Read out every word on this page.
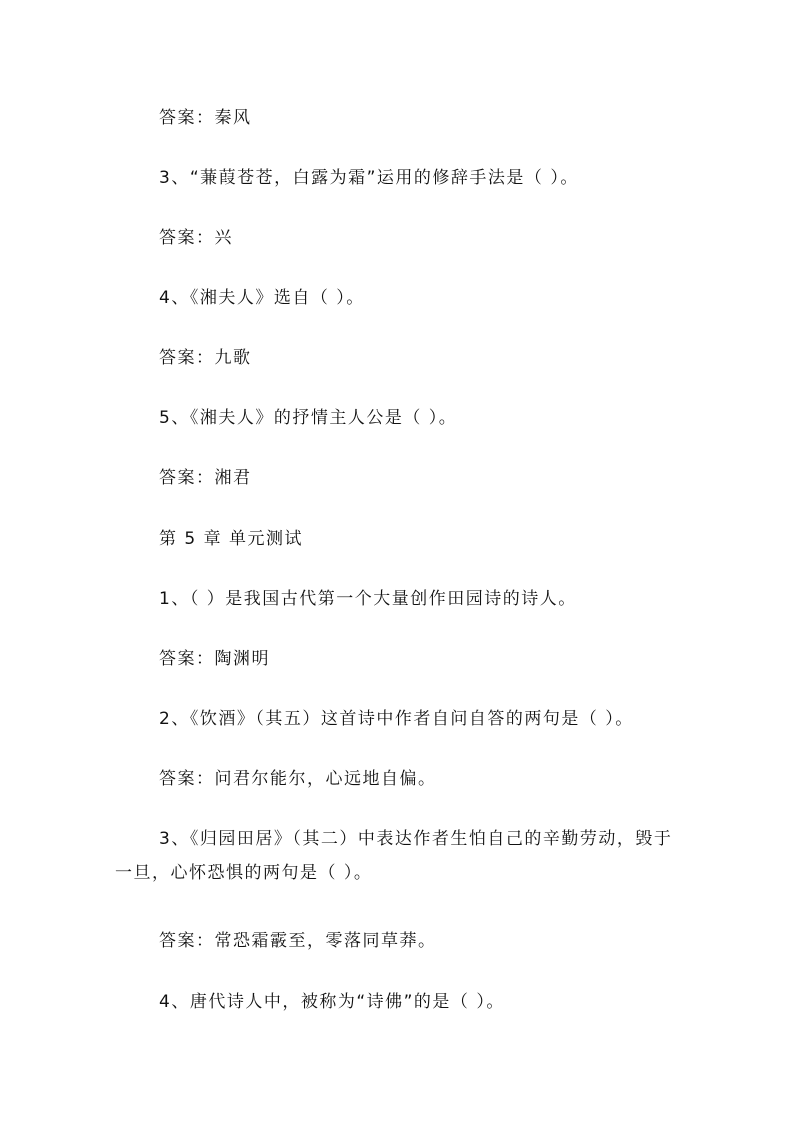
答案：秦风
3、“蒹葭苍苍，白露为霜”运用的修辞手法是（ ）。
答案：兴
4、《湘夫人》选自（ ）。
答案：九歌
5、《湘夫人》的抒情主人公是（ ）。
答案：湘君
第 5 章 单元测试
1、（ ）是我国古代第一个大量创作田园诗的诗人。
答案：陶渊明
2、《饮酒》（其五）这首诗中作者自问自答的两句是（ ）。
答案：问君尔能尔，心远地自偏。
3、《归园田居》（其二）中表达作者生怕自己的辛勤劳动，毁于
一旦，心怀恐惧的两句是（ ）。
答案：常恐霜霰至，零落同草莽。
4、唐代诗人中，被称为“诗佛”的是（ ）。
